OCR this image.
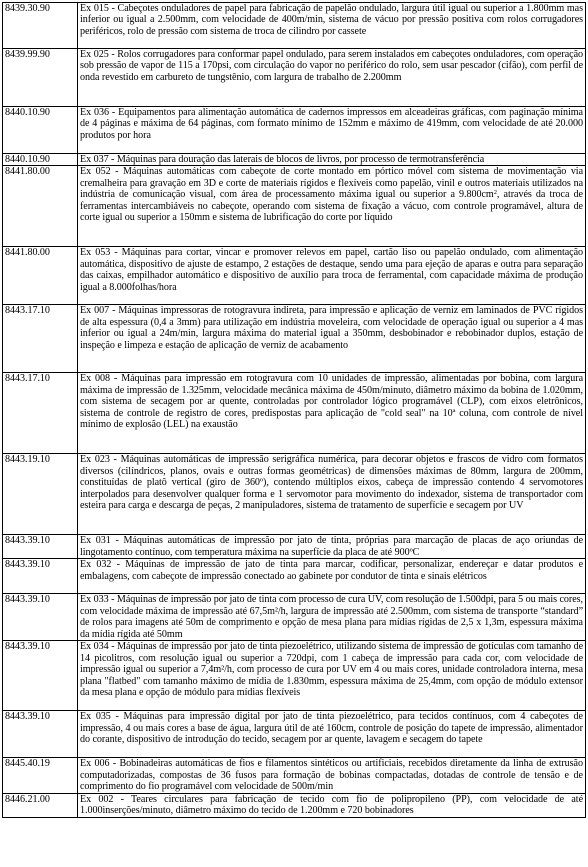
8439.30.90	Ex 015 - Cabeçotes onduladores de papel para fabricação de papelão ondulado, largura útil igual ou superior a 1.800mm mas inferior ou igual a 2.500mm, com velocidade de 400m/min, sistema de vácuo por pressão positiva com rolos corrugadores periféricos, rolo de pressão com sistema de troca de cilindro por cassete
8439.99.90	Ex 025 - Rolos corrugadores para conformar papel ondulado, para serem instalados em cabeçotes onduladores, com operação sob pressão de vapor de 115 a 170psi, com circulação do vapor no periférico do rolo, sem usar pescador (cifão), com perfil de onda revestido em carbureto de tungstênio, com largura de trabalho de 2.200mm
8440.10.90	Ex 036 - Equipamentos para alimentação automática de cadernos impressos em alceadeiras gráficas, com paginação mínima de 4 páginas e máxima de 64 páginas, com formato mínimo de 152mm e máximo de 419mm, com velocidade de até 20.000 produtos por hora
8440.10.90	Ex 037 - Máquinas para douração das laterais de blocos de livros, por processo de termotransferência
8441.80.00	Ex 052 - Máquinas automáticas com cabeçote de corte montado em pórtico móvel com sistema de movimentação via cremalheira para gravação em 3D e corte de materiais rígidos e flexíveis como papelão, vinil e outros materiais utilizados na indústria de comunicação visual, com área de processamento máxima igual ou superior a $9.800cm^2$, através da troca de ferramentas intercambiáveis no cabeçote, operando com sistema de fixação a vácuo, com controle programável, altura de corte igual ou superior a 150mm e sistema de lubrificação do corte por líquido
8441.80.00	Ex 053 - Máquinas para cortar, vincar e promover relevos em papel, cartão liso ou papelão ondulado, com alimentação automática, dispositivo de ajuste de estampo, 2 estações de destaque, sendo uma para ejeção de aparas e outra para separação das caixas, empilhador automático e dispositivo de auxílio para troca de ferramental, com capacidade máxima de produção igual a 8.000folhas/hora
8443.17.10	Ex 007 - Máquinas impressoras de rotogravura indireta, para impressão e aplicação de verniz em laminados de PVC rígidos de alta espessura (0,4 a 3mm) para utilização em indústria moveleira, com velocidade de operação igual ou superior a 4 mas inferior ou igual a 24m/min, largura máxima do material igual a 350mm, desbobinador e rebobinador duplos, estação de inspeção e limpeza e estação de aplicação de verniz de acabamento
8443.17.10	Ex 008 - Máquinas para impressão em rotogravura com 10 unidades de impressão, alimentadas por bobina, com largura máxima de impressão de 1.325mm, velocidade mecânica máxima de 450m/minuto, diâmetro máximo da bobina de 1.020mm, com sistema de secagem por ar quente, controladas por controlador lógico programável (CLP), com eixos eletrônicos, sistema de controle de registro de cores, predispostas para aplicação de "cold seal" na 10ª coluna, com controle de nível mínimo de explosão (LEL) na exaustão
8443.19.10	Ex 023 - Máquinas automáticas de impressão serigráfica numérica, para decorar objetos e frascos de vidro com formatos diversos (cilíndricos, planos, ovais e outras formas geométricas) de dimensões máximas de 80mm, largura de 200mm, constituídas de platô vertical (giro de 360º), contendo múltiplos eixos, cabeça de impressão contendo 4 servomotores interpolados para desenvolver qualquer forma e 1 servomotor para movimento do indexador, sistema de transportador com esteira para carga e descarga de peças, 2 manipuladores, sistema de tratamento de superfície e secagem por UV
8443.39.10	Ex 031 - Máquinas automáticas de impressão por jato de tinta, próprias para marcação de placas de aço oriundas de lingotamento contínuo, com temperatura máxima na superfície da placa de até 900ºC
8443.39.10	Ex 032 - Máquinas de impressão de jato de tinta para marcar, codificar, personalizar, endereçar e datar produtos e embalagens, com cabeçote de impressão conectado ao gabinete por condutor de tinta e sinais elétricos
8443.39.10	Ex 033 - Máquinas de impressão por jato de tinta com processo de cura UV, com resolução de 1.500dpi, para 5 ou mais cores, com velocidade máxima de impressão até 67,5m²/h, largura de impressão até 2.500mm, com sistema de transporte “standard” de rolos para imagens até 50m de comprimento e opção de mesa plana para mídias rígidas de 2,5 x 1,3m, espessura máxima da mídia rígida até 50mm
8443.39.10	Ex 034 - Máquinas de impressão por jato de tinta piezoelétrico, utilizando sistema de impressão de gotículas com tamanho de 14 picolitros, com resolução igual ou superior a 720dpi, com 1 cabeça de impressão para cada cor, com velocidade de impressão igual ou superior a 7,4m²/h, com processo de cura por UV em 4 ou mais cores, unidade controladora interna, mesa plana "flatbed" com tamanho máximo de mídia de 1.830mm, espessura máxima de 25,4mm, com opção de módulo extensor da mesa plana e opção de módulo para mídias flexíveis
8443.39.10	Ex 035 - Máquinas para impressão digital por jato de tinta piezoelétrico, para tecidos contínuos, com 4 cabeçotes de impressão, 4 ou mais cores a base de água, largura útil de até 160cm, controle de posição do tapete de impressão, alimentador do corante, dispositivo de introdução do tecido, secagem por ar quente, lavagem e secagem do tapete
8445.40.19	Ex 006 - Bobinadeiras automáticas de fios e filamentos sintéticos ou artificiais, recebidos diretamente da linha de extrusão computadorizadas, compostas de 36 fusos para formação de bobinas compactadas, dotadas de controle de tensão e de comprimento do fio programável com velocidade de 500m/min
8446.21.00	Ex 002 - Teares circulares para fabricação de tecido com fio de polipropileno (PP), com velocidade de até 1.000inserções/minuto, diâmetro máximo do tecido de 1.200mm e 720 bobinadores
